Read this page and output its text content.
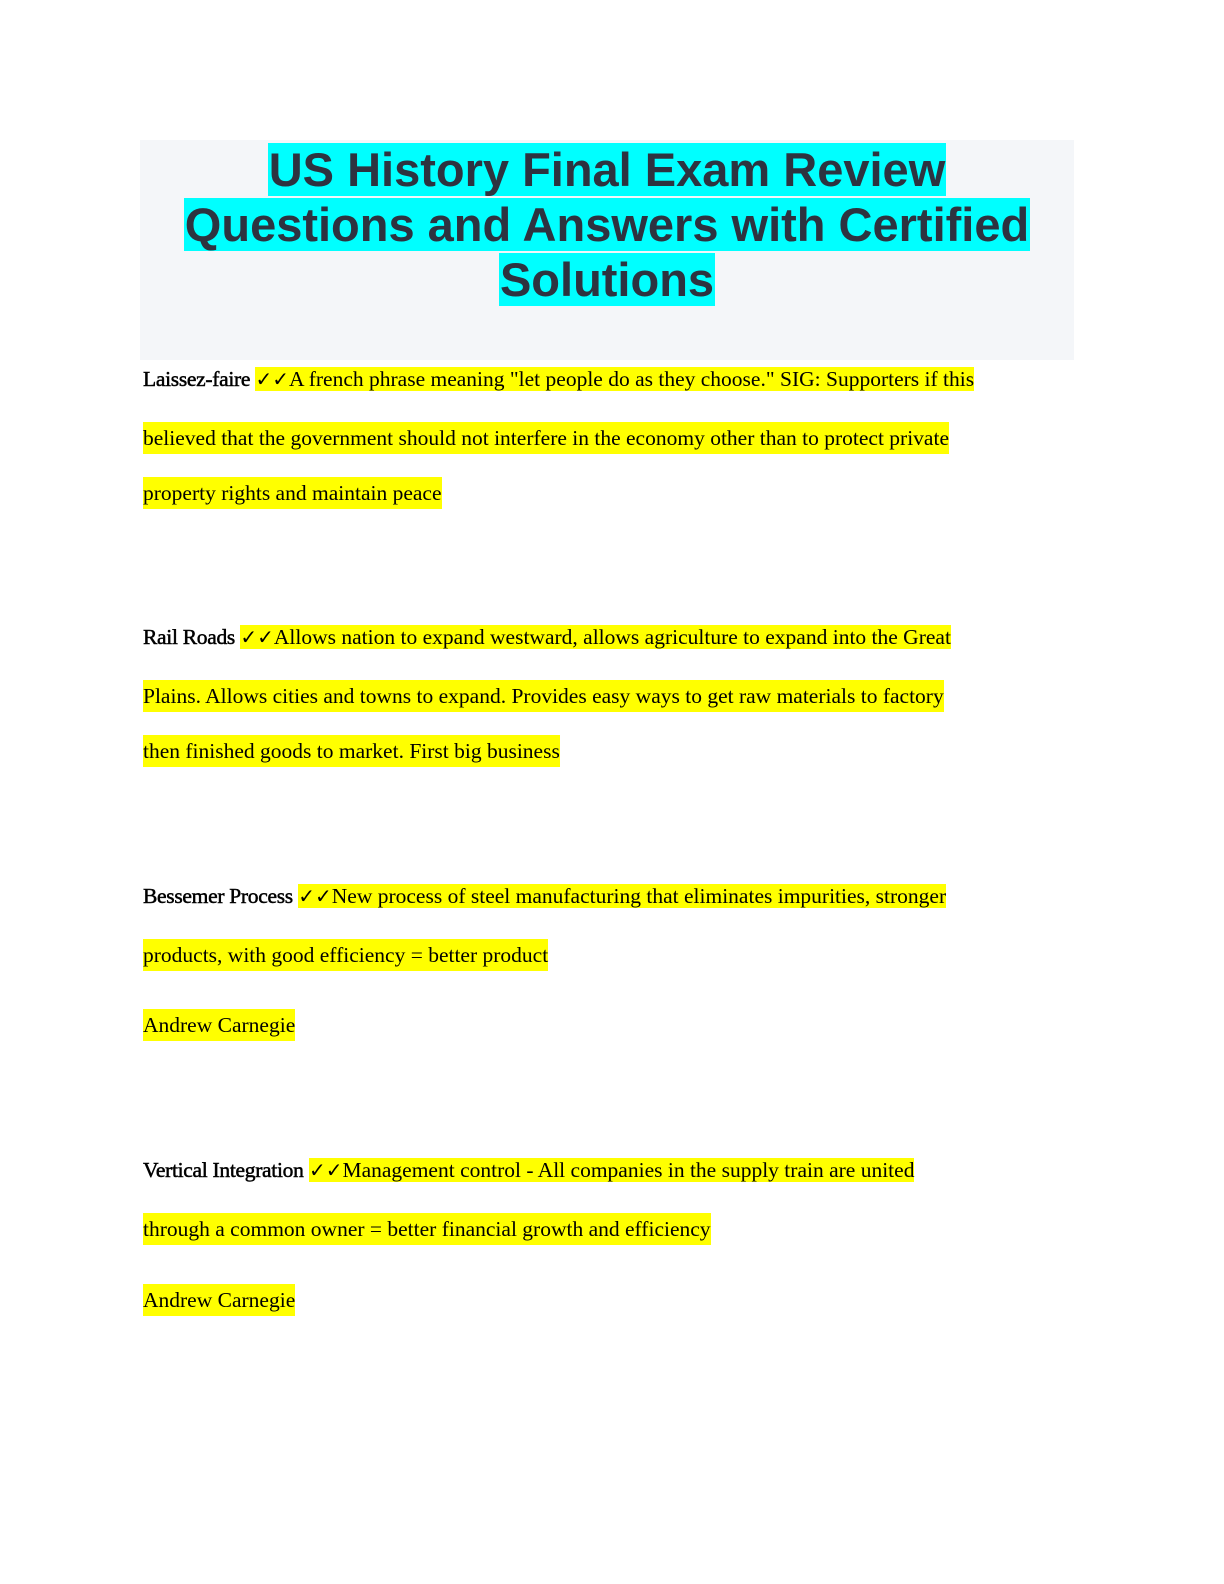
US History Final Exam Review
Questions and Answers with Certified
Solutions
Laissez-faire ✓✓A french phrase meaning "let people do as they choose." SIG: Supporters if this
believed that the government should not interfere in the economy other than to protect private
property rights and maintain peace
Rail Roads ✓✓Allows nation to expand westward, allows agriculture to expand into the Great
Plains. Allows cities and towns to expand. Provides easy ways to get raw materials to factory
then finished goods to market. First big business
Bessemer Process ✓✓New process of steel manufacturing that eliminates impurities, stronger
products, with good efficiency = better product
Andrew Carnegie
Vertical Integration ✓✓Management control - All companies in the supply train are united
through a common owner = better financial growth and efficiency
Andrew Carnegie
